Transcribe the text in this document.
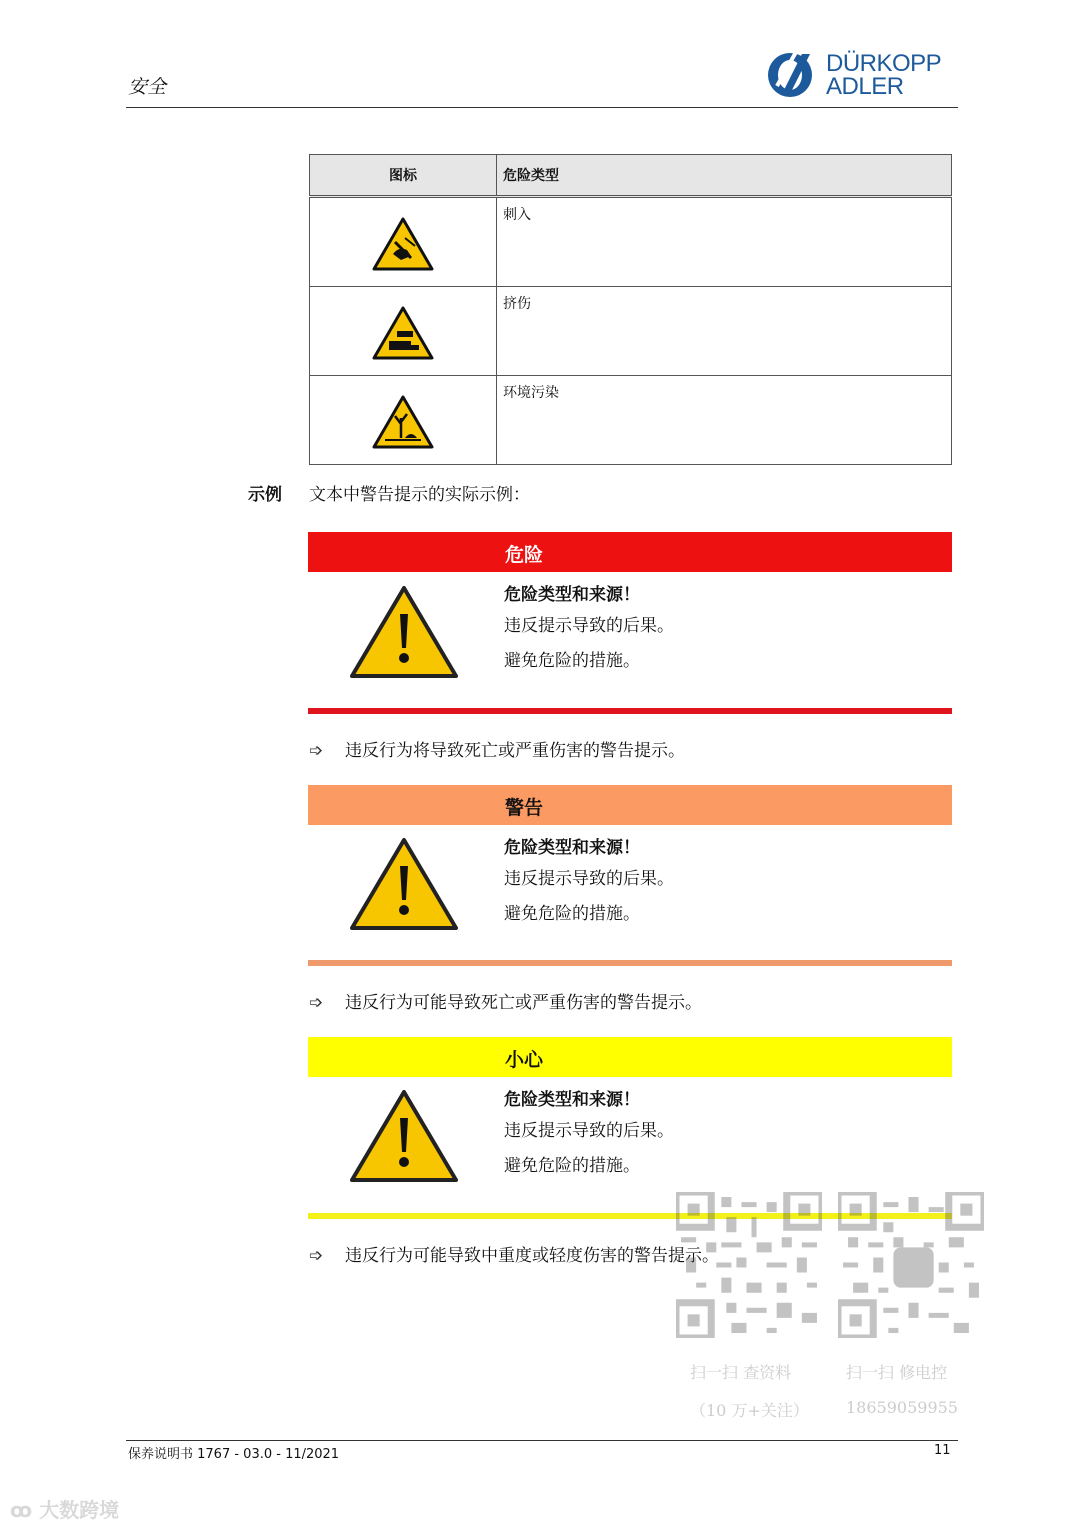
安全
DÜRKOPP
ADLER
图标	危险类型
	刺入
	挤伤
	环境污染
示例 文本中警告提示的实际示例：
危险
危险类型和来源！
违反提示导致的后果。
避免危险的措施。
➩ 违反行为将导致死亡或严重伤害的警告提示。
警告
危险类型和来源！
违反提示导致的后果。
避免危险的措施。
➩ 违反行为可能导致死亡或严重伤害的警告提示。
小心
危险类型和来源！
违反提示导致的后果。
避免危险的措施。
➩ 违反行为可能导致中重度或轻度伤害的警告提示。
扫一扫 查资料
（10 万+关注）
扫一扫 修电控
18659059955
保养说明书 1767 - 03.0 - 11/2021	11
ꝏ 大数跨境
